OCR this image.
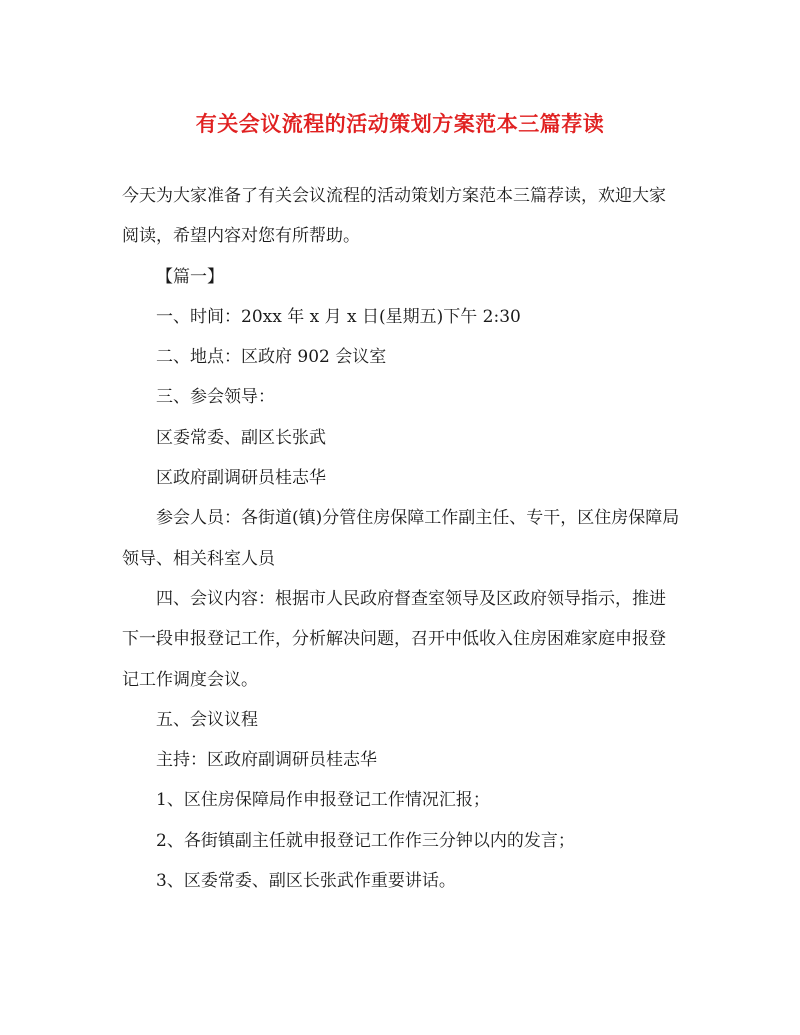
有关会议流程的活动策划方案范本三篇荐读

今天为大家准备了有关会议流程的活动策划方案范本三篇荐读，欢迎大家阅读，希望内容对您有所帮助。

【篇一】

一、时间：20xx 年 x 月 x 日(星期五)下午 2:30

二、地点：区政府 902 会议室

三、参会领导：

区委常委、副区长张武

区政府副调研员桂志华

参会人员：各街道(镇)分管住房保障工作副主任、专干，区住房保障局领导、相关科室人员

四、会议内容：根据市人民政府督查室领导及区政府领导指示，推进下一段申报登记工作，分析解决问题，召开中低收入住房困难家庭申报登记工作调度会议。

五、会议议程

主持：区政府副调研员桂志华

1、区住房保障局作申报登记工作情况汇报；

2、各街镇副主任就申报登记工作作三分钟以内的发言；

3、区委常委、副区长张武作重要讲话。
